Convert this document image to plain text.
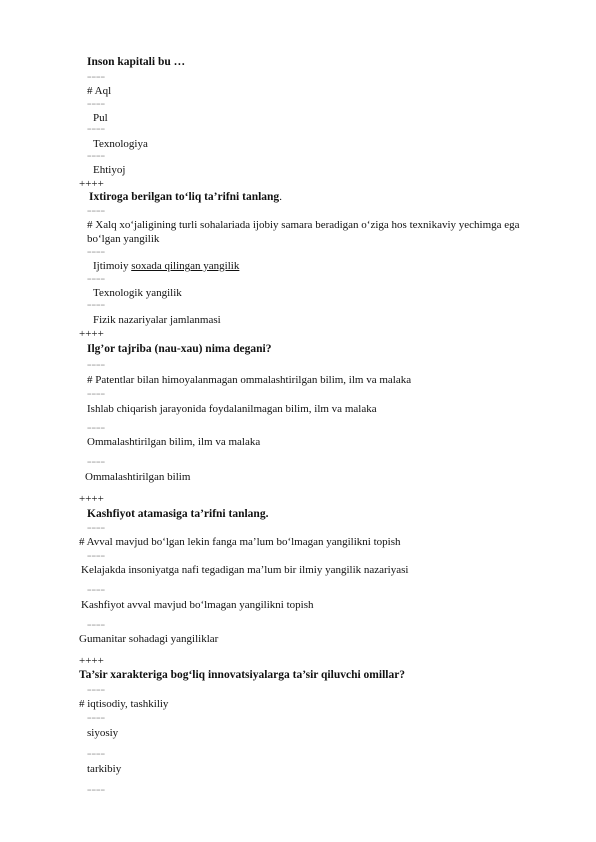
Inson kapitali bu …
====
# Aql
====
Pul
====
Texnologiya
====
Ehtiyoj
++++
Ixtiroga berilgan to‘liq ta’rifni tanlang.
====
# Xalq xo‘jaligining turli sohalariada ijobiy samara beradigan o‘ziga hos texnikaviy yechimga ega
bo‘lgan yangilik
====
Ijtimoiy soxada qilingan yangilik
====
Texnologik yangilik
====
Fizik nazariyalar jamlanmasi
++++
Ilg’or tajriba (nau-xau) nima degani?
====
# Patentlar bilan himoyalanmagan ommalashtirilgan bilim, ilm va malaka
====
Ishlab chiqarish jarayonida foydalanilmagan bilim, ilm va malaka
====
Ommalashtirilgan bilim, ilm va malaka
====
Ommalashtirilgan bilim
++++
Kashfiyot atamasiga ta’rifni tanlang.
====
# Avval mavjud bo‘lgan lekin fanga ma’lum bo‘lmagan yangilikni topish
====
Kelajakda insoniyatga nafi tegadigan ma’lum bir ilmiy yangilik nazariyasi
====
Kashfiyot avval mavjud bo‘lmagan yangilikni topish
====
Gumanitar sohadagi yangiliklar
++++
Ta’sir xarakteriga bog‘liq innovatsiyalarga ta’sir qiluvchi omillar?
====
# iqtisodiy, tashkiliy
====
siyosiy
====
tarkibiy
====
